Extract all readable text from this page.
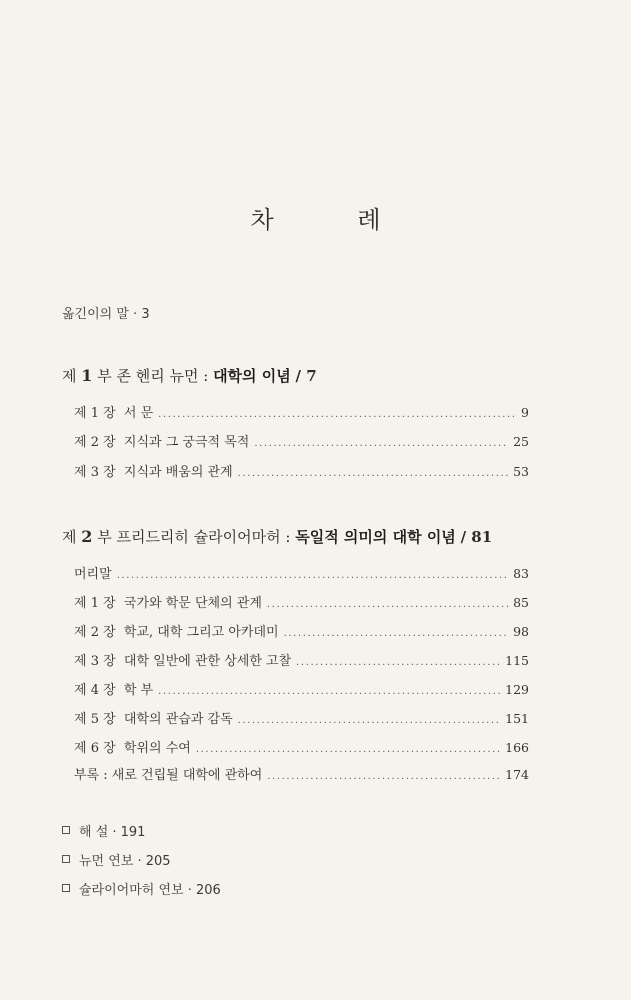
차 례
옮긴이의 말 · 3
제 1 부 존 헨리 뉴먼 : 대학의 이념 / 7
제 1 장  서 문 .....	9
제 2 장  지식과 그 궁극적 목적 .....	25
제 3 장  지식과 배움의 관계 .....	53
제 2 부 프리드리히 슐라이어마허 : 독일적 의미의 대학 이념 / 81
머리말 .....	83
제 1 장  국가와 학문 단체의 관계 .....	85
제 2 장  학교, 대학 그리고 아카데미 .....	98
제 3 장  대학 일반에 관한 상세한 고찰 .....	115
제 4 장  학 부 .....	129
제 5 장  대학의 관습과 감독 .....	151
제 6 장  학위의 수여 .....	166
부록 : 새로 건립될 대학에 관하여 .....	174
해 설 · 191
뉴먼 연보 · 205
슐라이어마허 연보 · 206
